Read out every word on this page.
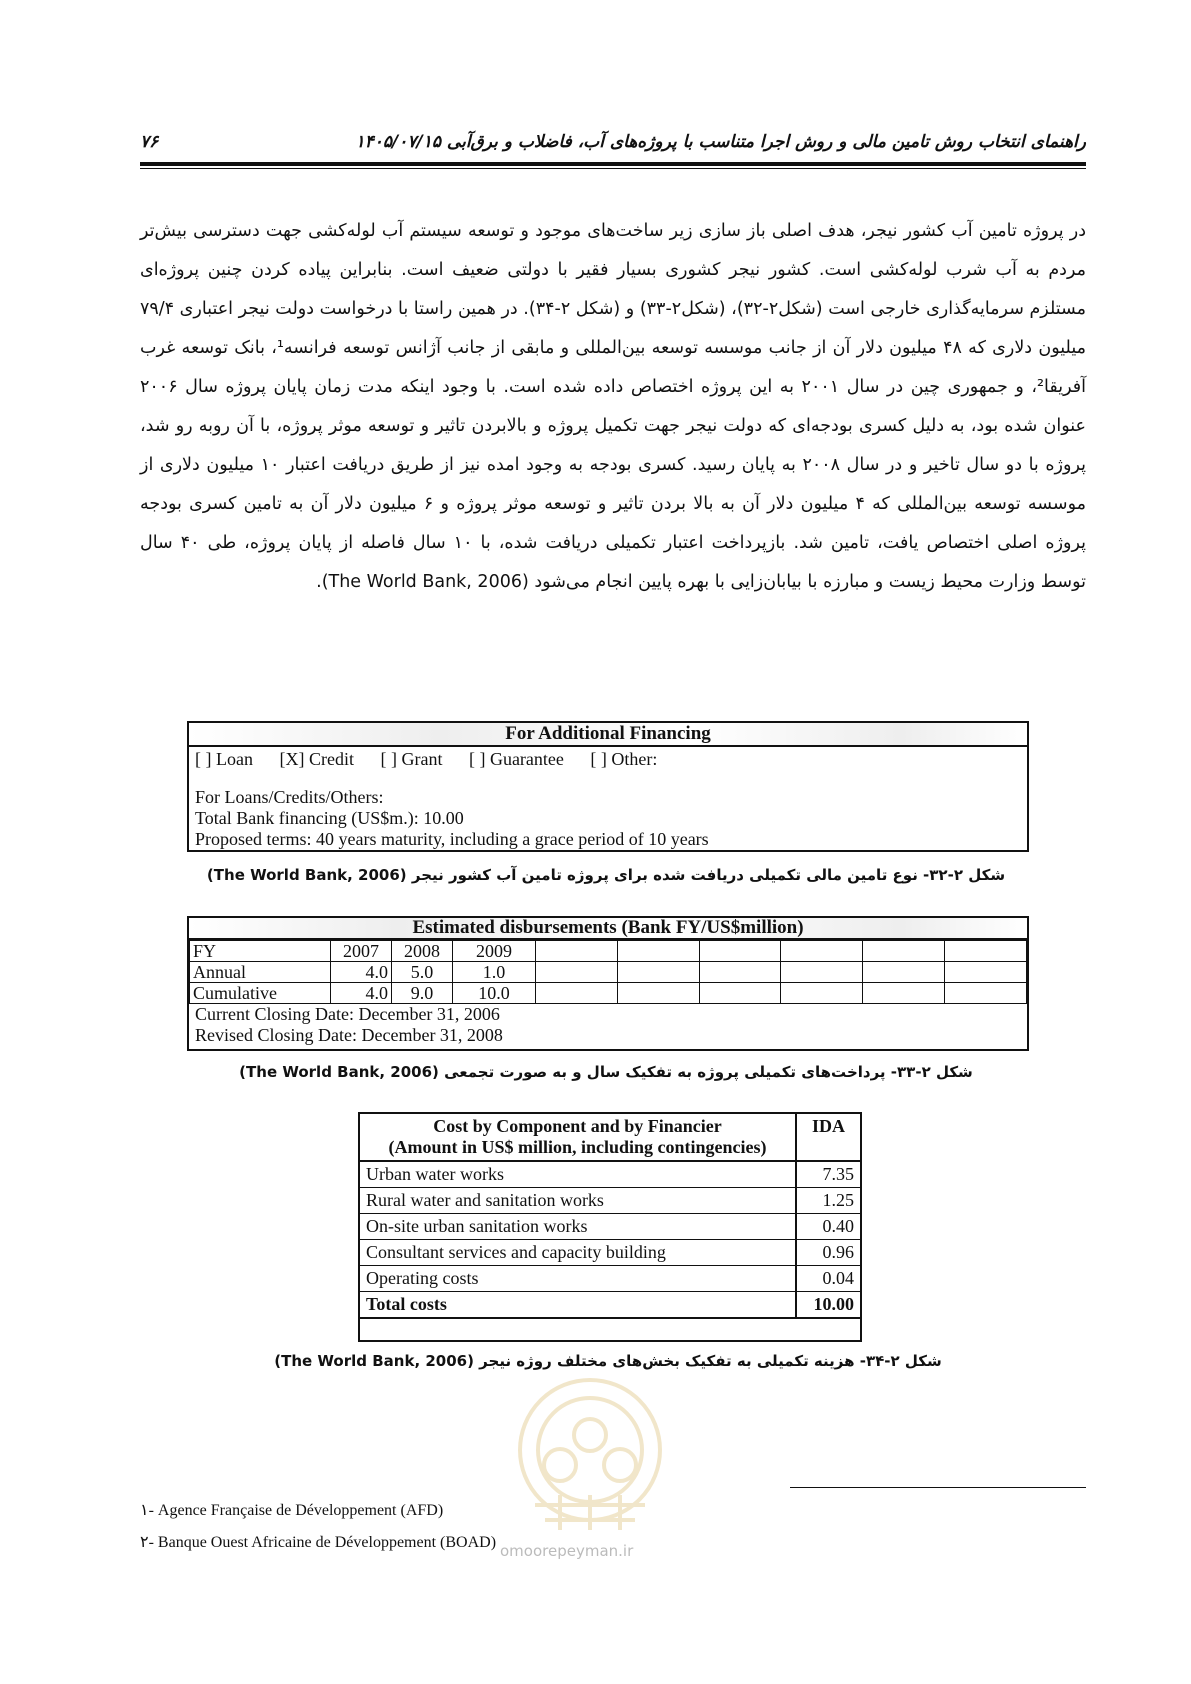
۷۶	راهنمای انتخاب روش تامین مالی و روش اجرا متناسب با پروژه‌های آب، فاضلاب و برق‌آبی ۱۴۰۵/۰۷/۱۵

در پروژه تامین آب کشور نیجر، هدف اصلی باز سازی زیر ساخت‌های موجود و توسعه سیستم آب لوله‌کشی جهت دسترسی بیش‌تر مردم به آب شرب لوله‌کشی است. کشور نیجر کشوری بسیار فقیر با دولتی ضعیف است. بنابراین پیاده کردن چنین پروژه‌ای مستلزم سرمایه‌گذاری خارجی است (شکل۲-۳۲)، (شکل۲-۳۳) و (شکل ۲-۳۴). در همین راستا با درخواست دولت نیجر اعتباری ۷۹/۴ میلیون دلاری که ۴۸ میلیون دلار آن از جانب موسسه توسعه بین‌المللی و مابقی از جانب آژانس توسعه فرانسه¹، بانک توسعه غرب آفریقا²، و جمهوری چین در سال ۲۰۰۱ به این پروژه اختصاص داده شده است. با وجود اینکه مدت زمان پایان پروژه سال ۲۰۰۶ عنوان شده بود، به دلیل کسری بودجه‌ای که دولت نیجر جهت تکمیل پروژه و بالابردن تاثیر و توسعه موثر پروژه، با آن روبه رو شد، پروژه با دو سال تاخیر و در سال ۲۰۰۸ به پایان رسید. کسری بودجه به وجود امده نیز از طریق دریافت اعتبار ۱۰ میلیون دلاری از موسسه توسعه بین‌المللی که ۴ میلیون دلار آن به بالا بردن تاثیر و توسعه موثر پروژه و ۶ میلیون دلار آن به تامین کسری بودجه پروژه اصلی اختصاص یافت، تامین شد. بازپرداخت اعتبار تکمیلی دریافت شده، با ۱۰ سال فاصله از پایان پروژه، طی ۴۰ سال توسط وزارت محیط زیست و مبارزه با بیابان‌زایی با بهره پایین انجام می‌شود (The World Bank, 2006).

For Additional Financing
[ ] Loan [X] Credit [ ] Grant [ ] Guarantee [ ] Other:
For Loans/Credits/Others:
Total Bank financing (US$m.): 10.00
Proposed terms: 40 years maturity, including a grace period of 10 years
شکل ۲-۳۲- نوع تامین مالی تکمیلی دریافت شده برای پروژه تامین آب کشور نیجر (The World Bank, 2006)
Estimated disbursements (Bank FY/US$million)
FY	2007	2008	2009						
Annual	4.0	5.0	1.0						
Cumulative	4.0	9.0	10.0						
Current Closing Date: December 31, 2006
Revised Closing Date: December 31, 2008
شکل ۲-۳۳- پرداخت‌های تکمیلی پروژه به تفکیک سال و به صورت تجمعی (The World Bank, 2006)
Cost by Component and by Financier
(Amount in US$ million, including contingencies)	IDA
Urban water works	7.35
Rural water and sanitation works	1.25
On-site urban sanitation works	0.40
Consultant services and capacity building	0.96
Operating costs	0.04
Total costs	10.00
شکل ۲-۳۴- هزینه تکمیلی به تفکیک بخش‌های مختلف روژه نیجر (The World Bank, 2006)
omoorepeyman.ir
۱- Agence Française de Développement (AFD)
۲- Banque Ouest Africaine de Développement (BOAD)
